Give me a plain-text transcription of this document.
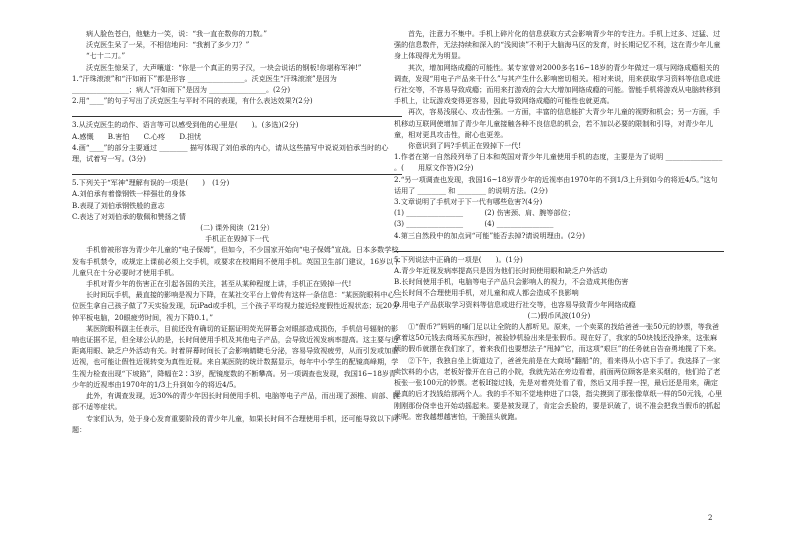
病人脸色苍白，他魅力一笑，说：“我一直在数你的刀数。”

沃克医生呆了一呆，不相信地问：“我割了多少刀？”

“七十二刀。”

沃克医生惊呆了，大声嚷道：“你是一个真正的男子汉，一块会说话的钢板!你堪称军神!”

1.“汗珠滚滚”和“汗如雨下”都是形容 ________________。沃克医生“汗珠滚滚”是因为 ________________；病人“汗如雨下”是因为 ________________。(2分)

2.用“____”的句子写出了沃克医生与平时不同的表现，有什么表达效果?(2分)

3.从沃克医生的动作、语言等可以感受到他的心里是(　　)。(多选)(2分)

A.感慨　　B.害怕　　C.心疼　　D.担忧

4.画“____”的部分主要通过 ________ 描写体现了刘伯承的内心，请从这些描写中说说刘伯承当时的心理，试着写一写。(3分)

5.下列关于“军神”理解有误的一项是(　　)　(1分)

A.刘伯承有着像钢铁一样强壮的身体

B.表现了刘伯承钢铁般的意志

C.表达了对刘伯承的敬佩和赞扬之情

(二) 课外阅读（21分）

手机正在毁掉下一代

手机曾被形容为青少年儿童的“电子保姆”，但如今，不少国家开始向“电子保姆”宣战。日本多数学校发布手机禁令，或规定上课前必须上交手机，或要求在校期间不使用手机。英国卫生部门建议，16岁以下儿童只在十分必要时才使用手机。

手机对青少年的伤害正在引起各国的关注，甚至从某种程度上讲，手机正在毁掉一代!

长时间玩手机，最直接的影响是视力下降，在某社交平台上曾传有这样一条信息：“某医院眼科中心三位医生拿自己孩子做了7天实验发现，玩iPad或手机，三个孩子平均视力接近轻度假性近视状态；玩20分钟平板电脑，20眼疲劳时间，视力下降0.1。”

某医院眼科副主任表示，目前还没有确切的证据证明荧光屏幕会对眼部造成损伤，手机信号辐射的影响也证据不足，但全球公认的是，长时间使用手机及其他电子产品，会导致近视发病率提高。这主要与近距离用眼、缺乏户外活动有关。时着屏幕时间长了会影响睛睫毛分泌，容易导致视疲劳，从而引发或加重近视，也可能让假性近视转变为真性近视。来自某医院的统计数据显示，每年中小学生的配镜高峰期，学生视力检查出现“下坡路”，降幅在2∶3岁，配镜度数的不断攀高。另一项调查也发现，我国16~18岁青少年的近视率由1970年的1/3上升到如今的将近4/5。

此外，有调查发现，近30%的青少年因长时间使用手机、电脑等电子产品，而出现了颈椎、肩部、腕部不适等症状。

专家们认为，处于身心发育重要阶段的青少年儿童，如果长时间不合理使用手机，还可能导致以下问题：

首先，注意力不集中。手机上碎片化的信息获取方式会影响青少年的专注力。手机上过多、过猛、过强的信息数件，无法持续和深入的“浅阅读”不利于大脑海马区的发育，时长期记忆不利，这在青少年儿童身上体现得尤为明显。

其次，增加网络成瘾的可能性。某专家曾对2000多名16~18岁的青少年做过一项与网络成瘾相关的调查，发现“用电子产品来干什么”与其产生什么影响密切相关。相对来说，用来获取学习资料等信息或进行社交等，不容易导致成瘾；而用来打游戏的会大大增加网络成瘾的可能。智能手机将游戏从电脑转移到手机上，让玩游戏变得更容易，因此导致网络成瘾的可能性也就更高。

再次，容易浅展心、攻击性强。一方面，丰富的信息能扩大青少年儿童的视野和机会；另一方面，手机移动互联网使增加了青少年儿童接触各种不良信息的机会，若不加以必要的限制和引导，对青少年儿童，相对更具攻击性，耐心也更差。

你意识到了吗?手机正在毁掉下一代!

1.作者在第一自然段列举了日本和英国对青少年儿童使用手机的态度，主要是为了说明 ________________ 。(　　用原文作答)(2分)

2.“另一项调查也发现，我国16~18岁青少年的近视率由1970年的不到1/3上升到如今的将近4/5。”这句话用了 ________ 和 ________ 的说明方法。(2分)

3.文章说明了手机对于下一代有哪些危害?(4分)

(1) ________________　　　(2) 伤害颈、肩、腕等部位；

(3) ________________　　　(4) ________________

4.第三自然段中的加点词“可能”能否去掉?请说明理由。(2分)

5.下列说法中正确的一项是(　　)。(1分)

A.青少年近视发病率提高只是因为他们长时间使用眼和缺乏户外活动

B.长时间使用手机，电脑等电子产品只会影响人的视力，不会造成其他伤害

C.长时间不合理使用手机，对儿童和成人都会造成不良影响

D.用电子产品获取学习资料等信息或进行社交等，也容易导致青少年网络成瘾

(二)假币风波(10分)

①“假币?”妈妈的嗓门足以让全院的人都听见。原来，一个卖菜的找给爸爸一张50元的钞票，等我爸拿着这50元钱去商场买东西时，被验钞机验出来是张假币。现在好了，我家的50块钱还没挣来，这张麻烦的假币就摆在我们家了，着来我们也要想法子“甩掉”它，而这项“艰巨”的任务就自告奋勇地揽了下来。

②下午，我独自坐上街道边了，爸爸先前是在大商场“翻船”的，看来得从小店下手了。我选择了一家卖饮料的小店，老板好像开在自己的小院，我就先站在旁边看着，前面两位顾客是来买烟的，他们给了老板张一张100元的钞票。老板If接过钱，先是对着亮处看了看，然后又用手捏一捏，最后还是用来，确定是真的后才找钱给那两个人。我的手不知不觉地伸进了口袋，指尖摸到了那张像草纸一样的50元钱，心里刚刚那份侥幸也开始动摇起来。要是被发现了，肯定会丢脸的，要是识破了，说不准会把我当假币的抓起来呢。密我越想越害怕，干脆扭头就跑。

2
